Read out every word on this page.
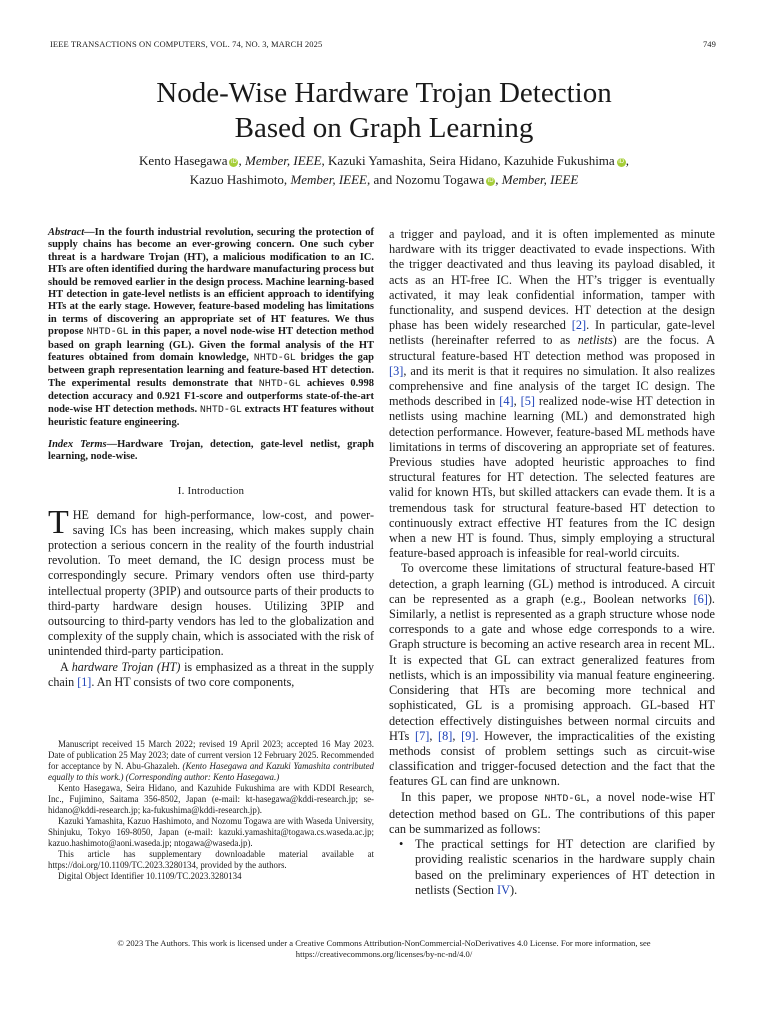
IEEE TRANSACTIONS ON COMPUTERS, VOL. 74, NO. 3, MARCH 2025	749
Node-Wise Hardware Trojan Detection
Based on Graph Learning
Kento Hasegawa iD , Member, IEEE, Kazuki Yamashita, Seira Hidano, Kazuhide Fukushima iD ,
Kazuo Hashimoto, Member, IEEE, and Nozomu Togawa iD , Member, IEEE
Abstract—In the fourth industrial revolution, securing the protection of supply chains has become an ever-growing concern. One such cyber threat is a hardware Trojan (HT), a malicious modification to an IC. HTs are often identified during the hardware manufacturing process but should be removed earlier in the design process. Machine learning-based HT detection in gate-level netlists is an efficient approach to identifying HTs at the early stage. However, feature-based modeling has limitations in terms of discovering an appropriate set of HT features. We thus propose NHTD-GL in this paper, a novel node-wise HT detection method based on graph learning (GL). Given the formal analysis of the HT features obtained from domain knowledge, NHTD-GL bridges the gap between graph representation learning and feature-based HT detection. The experimental results demonstrate that NHTD-GL achieves 0.998 detection accuracy and 0.921 F1-score and outperforms state-of-the-art node-wise HT detection methods. NHTD-GL extracts HT features without heuristic feature engineering.
Index Terms—Hardware Trojan, detection, gate-level netlist, graph learning, node-wise.
I. Introduction

THE demand for high-performance, low-cost, and power-saving ICs has been increasing, which makes supply chain protection a serious concern in the reality of the fourth industrial revolution. To meet demand, the IC design process must be correspondingly secure. Primary vendors often use third-party intellectual property (3PIP) and outsource parts of their products to third-party hardware design houses. Utilizing 3PIP and outsourcing to third-party vendors has led to the globalization and complexity of the supply chain, which is associated with the risk of unintended third-party participation.

A hardware Trojan (HT) is emphasized as a threat in the supply chain [1]. An HT consists of two core components,

Manuscript received 15 March 2022; revised 19 April 2023; accepted 16 May 2023. Date of publication 25 May 2023; date of current version 12 February 2025. Recommended for acceptance by N. Abu-Ghazaleh. (Kento Hasegawa and Kazuki Yamashita contributed equally to this work.) (Corresponding author: Kento Hasegawa.)

Kento Hasegawa, Seira Hidano, and Kazuhide Fukushima are with KDDI Research, Inc., Fujimino, Saitama 356-8502, Japan (e-mail: kt-hasegawa@kddi-research.jp; se-hidano@kddi-research.jp; ka-fukushima@kddi-research.jp).

Kazuki Yamashita, Kazuo Hashimoto, and Nozomu Togawa are with Waseda University, Shinjuku, Tokyo 169-8050, Japan (e-mail: kazuki.yamashita@togawa.cs.waseda.ac.jp; kazuo.hashimoto@aoni.waseda.jp; ntogawa@waseda.jp).

This article has supplementary downloadable material available at https://doi.org/10.1109/TC.2023.3280134, provided by the authors.

Digital Object Identifier 10.1109/TC.2023.3280134

a trigger and payload, and it is often implemented as minute hardware with its trigger deactivated to evade inspections. With the trigger deactivated and thus leaving its payload disabled, it acts as an HT-free IC. When the HT’s trigger is eventually activated, it may leak confidential information, tamper with functionality, and suspend devices. HT detection at the design phase has been widely researched [2]. In particular, gate-level netlists (hereinafter referred to as netlists) are the focus. A structural feature-based HT detection method was proposed in [3], and its merit is that it requires no simulation. It also realizes comprehensive and fine analysis of the target IC design. The methods described in [4], [5] realized node-wise HT detection in netlists using machine learning (ML) and demonstrated high detection performance. However, feature-based ML methods have limitations in terms of discovering an appropriate set of features. Previous studies have adopted heuristic approaches to find structural features for HT detection. The selected features are valid for known HTs, but skilled attackers can evade them. It is a tremendous task for structural feature-based HT detection to continuously extract effective HT features from the IC design when a new HT is found. Thus, simply employing a structural feature-based approach is infeasible for real-world circuits.

To overcome these limitations of structural feature-based HT detection, a graph learning (GL) method is introduced. A circuit can be represented as a graph (e.g., Boolean networks [6]). Similarly, a netlist is represented as a graph structure whose node corresponds to a gate and whose edge corresponds to a wire. Graph structure is becoming an active research area in recent ML. It is expected that GL can extract generalized features from netlists, which is an impossibility via manual feature engineering. Considering that HTs are becoming more technical and sophisticated, GL is a promising approach. GL-based HT detection effectively distinguishes between normal circuits and HTs [7], [8], [9]. However, the impracticalities of the existing methods consist of problem settings such as circuit-wise classification and trigger-focused detection and the fact that the features GL can find are unknown.

In this paper, we propose NHTD-GL, a novel node-wise HT detection method based on GL. The contributions of this paper can be summarized as follows:

• The practical settings for HT detection are clarified by providing realistic scenarios in the hardware supply chain based on the preliminary experiences of HT detection in netlists (Section IV).

© 2023 The Authors. This work is licensed under a Creative Commons Attribution-NonCommercial-NoDerivatives 4.0 License. For more information, see
https://creativecommons.org/licenses/by-nc-nd/4.0/
